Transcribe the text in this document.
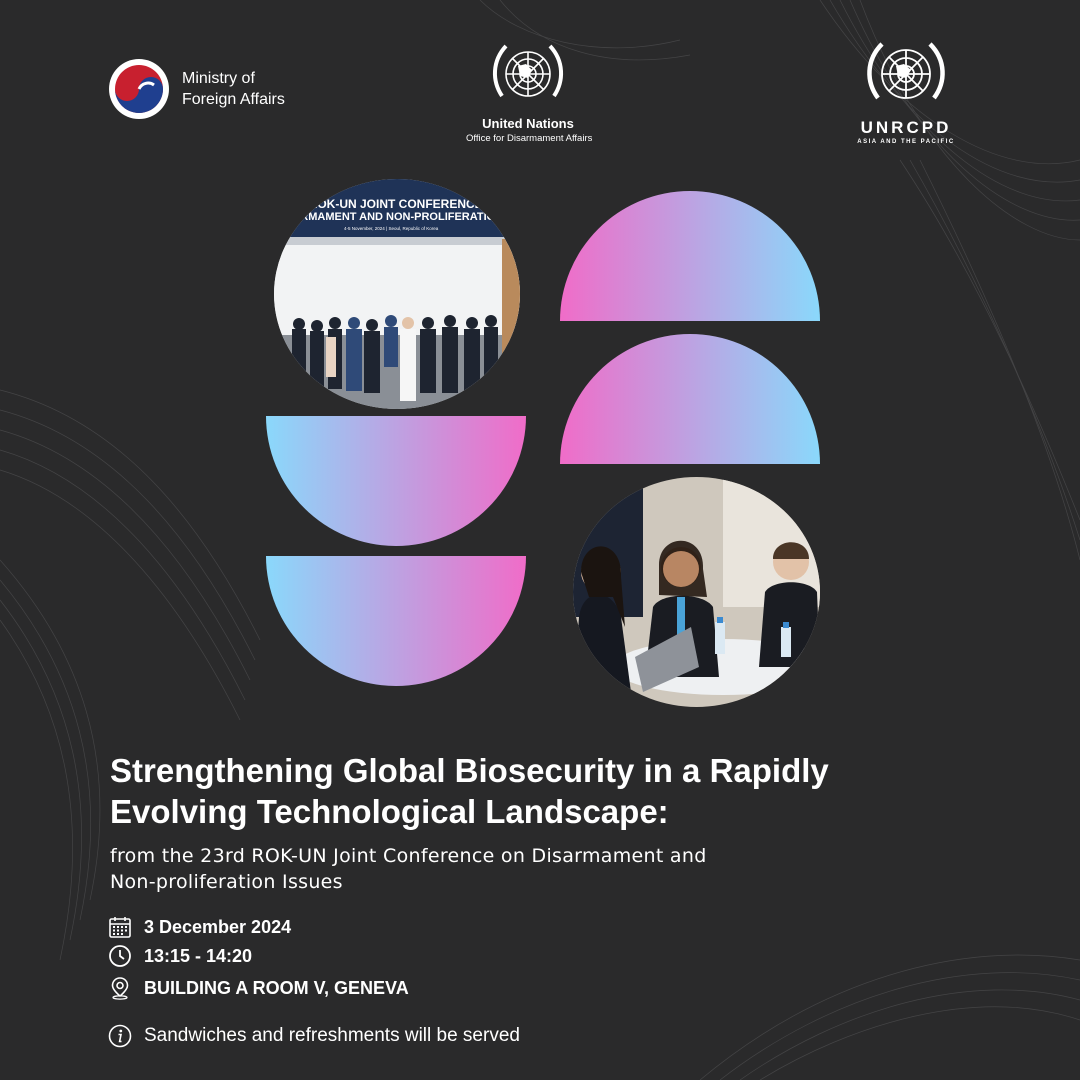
Ministry of
Foreign Affairs
United Nations
Office for Disarmament Affairs
UNRCPD
ASIA AND THE PACIFIC
23rd ROK-UN JOINT CONFERENCE
DISARMAMENT AND NON-PROLIFERATION
4-5 November, 2024 | Seoul, Republic of Korea
Strengthening Global Biosecurity in a Rapidly
Evolving Technological Landscape:
from the 23rd ROK-UN Joint Conference on Disarmament and
Non-proliferation Issues
3 December 2024
13:15 - 14:20
BUILDING A ROOM V, GENEVA
Sandwiches and refreshments will be served
